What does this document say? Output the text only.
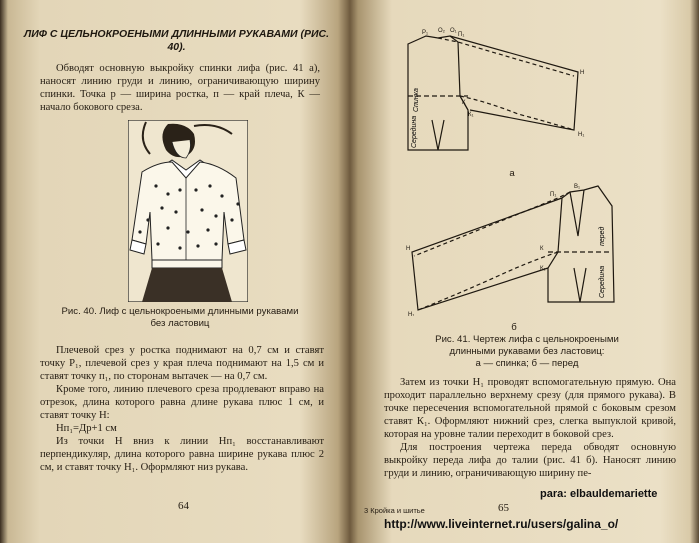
ЛИФ С ЦЕЛЬНОКРОЕНЫМИ ДЛИННЫМИ РУКАВАМИ (РИС. 40).

Обводят основную выкройку спинки лифа (рис. 41 а), наносят линию груди и линию, ограничивающую ширину спинки. Точка р — ширина ростка, п — край плеча, К — начало бокового среза.

Рис. 40. Лиф с цельнокроеными длинными рукавами
без ластовиц

Плечевой срез у ростка поднимают на 0,7 см и ставят точку Р₁, плечевой срез у края плеча поднимают на 1,5 см и ставят точку п₁, по сторонам вытачек — на 0,7 см.

Кроме того, линию плечевого среза продлевают вправо на отрезок, длина которого равна длине рукава плюс 1 см, и ставят точку Н:

Нп₁=Др+1 см

Из точки Н вниз к линии Нп₁ восстанавливают перпендикуляр, длина которого равна ширине рукава плюс 2 см, и ставят точку Н₁. Оформляют низ рукава.

64
Спинка
Середина
Р₁ О₂ О₁
П₁
Н
Н₁
К
К₁
а
перед
Середина
П₁
В₁
Н
Н₁
К
К₁
б
Рис. 41. Чертеж лифа с цельнокроеными
длинными рукавами без ластовиц:
а — спинка; б — перед

Затем из точки Н₁ проводят вспомогательную прямую. Она проходит параллельно верхнему срезу (для прямого рукава). В точке пересечения вспомогательной прямой с боковым срезом ставят К₁. Оформляют нижний срез, слегка выпуклой кривой, которая на уровне талии переходит в боковой срез.

Для построения чертежа переда обводят основную выкройку переда лифа до талии (рис. 41 б). Наносят линию груди и линию, ограничивающую ширину пе-

3 Кройка и шитье	65
para: elbauldemariette
http://www.liveinternet.ru/users/galina_o/
